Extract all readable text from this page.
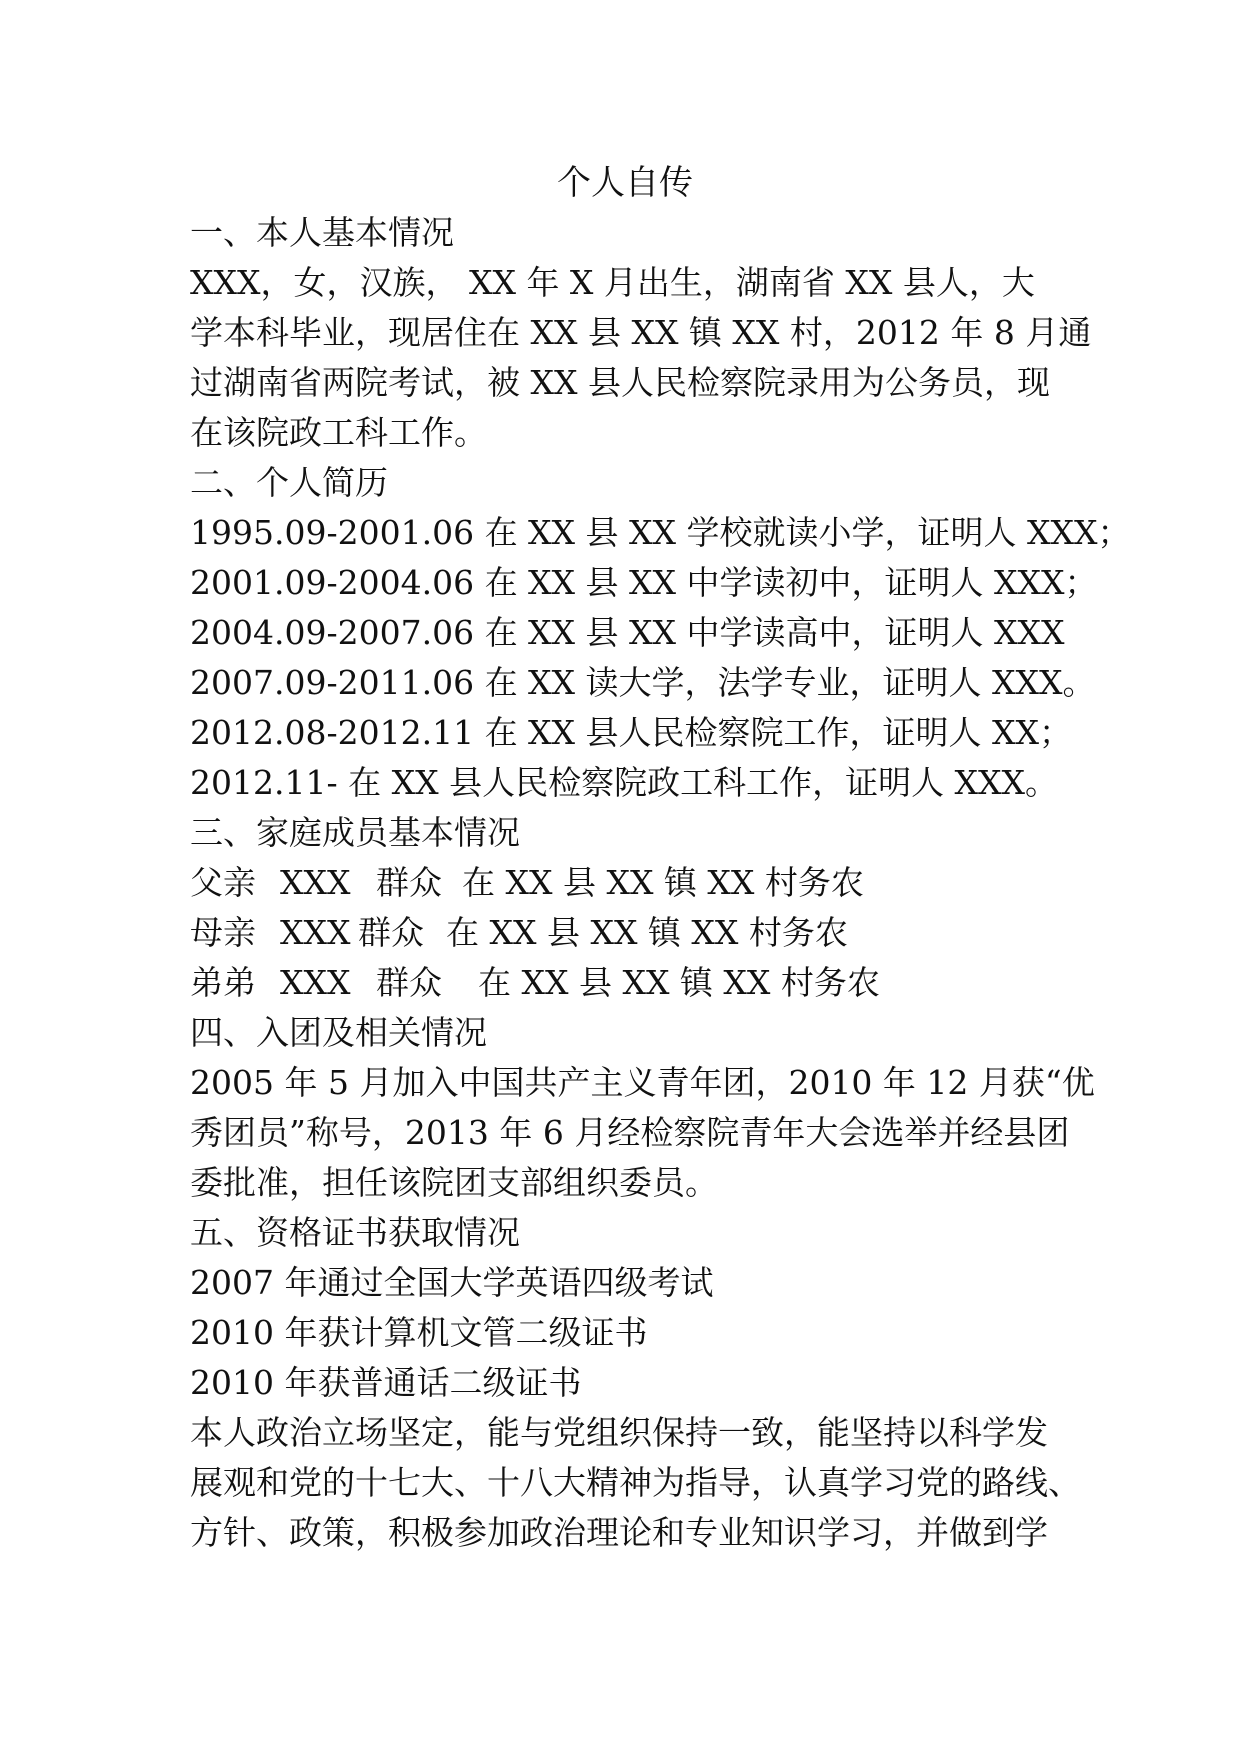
个人自传
一、本人基本情况
XXX，女，汉族， XX 年 X 月出生，湖南省 XX 县人，大
学本科毕业，现居住在 XX 县 XX 镇 XX 村，2012 年 8 月通
过湖南省两院考试，被 XX 县人民检察院录用为公务员，现
在该院政工科工作。
二、个人简历
1995.09-2001.06 在 XX 县 XX 学校就读小学，证明人 XXX；
2001.09-2004.06 在 XX 县 XX 中学读初中，证明人 XXX；
2004.09-2007.06 在 XX 县 XX 中学读高中，证明人 XXX
2007.09-2011.06 在 XX 读大学，法学专业，证明人 XXX。
2012.08-2012.11 在 XX 县人民检察院工作，证明人 XX；
2012.11- 在 XX 县人民检察院政工科工作，证明人 XXX。
三、家庭成员基本情况
父亲 XXX 群众 在 XX 县 XX 镇 XX 村务农
母亲 XXX 群众 在 XX 县 XX 镇 XX 村务农
弟弟 XXX 群众 在 XX 县 XX 镇 XX 村务农
四、入团及相关情况
2005 年 5 月加入中国共产主义青年团，2010 年 12 月获“优
秀团员”称号，2013 年 6 月经检察院青年大会选举并经县团
委批准，担任该院团支部组织委员。
五、资格证书获取情况
2007 年通过全国大学英语四级考试
2010 年获计算机文管二级证书
2010 年获普通话二级证书
本人政治立场坚定，能与党组织保持一致，能坚持以科学发
展观和党的十七大、十八大精神为指导，认真学习党的路线、
方针、政策，积极参加政治理论和专业知识学习，并做到学
